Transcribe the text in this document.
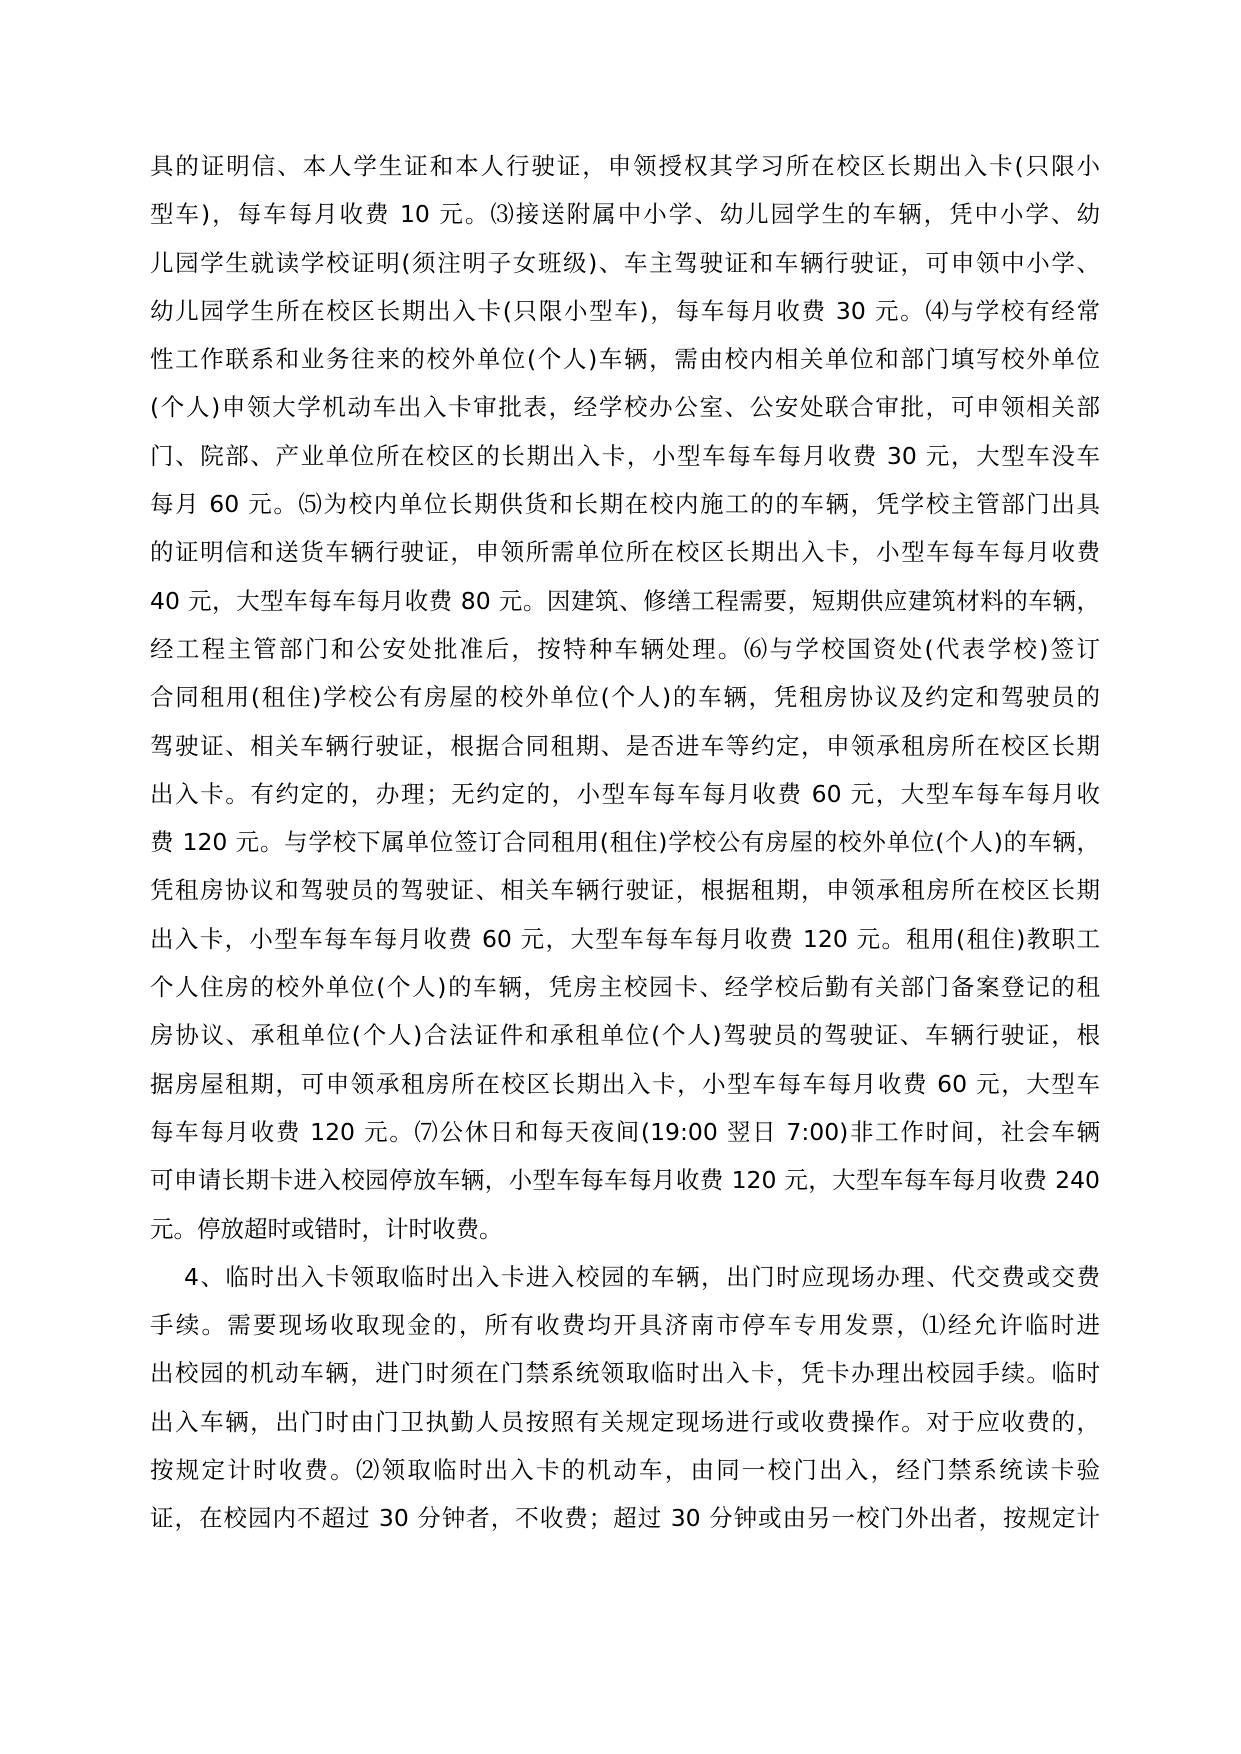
具的证明信、本人学生证和本人行驶证，申领授权其学习所在校区长期出入卡(只限小
型车)，每车每月收费 10 元。⑶接送附属中小学、幼儿园学生的车辆，凭中小学、幼
儿园学生就读学校证明(须注明子女班级)、车主驾驶证和车辆行驶证，可申领中小学、
幼儿园学生所在校区长期出入卡(只限小型车)，每车每月收费 30 元。⑷与学校有经常
性工作联系和业务往来的校外单位(个人)车辆，需由校内相关单位和部门填写校外单位
(个人)申领大学机动车出入卡审批表，经学校办公室、公安处联合审批，可申领相关部
门、院部、产业单位所在校区的长期出入卡，小型车每车每月收费 30 元，大型车没车
每月 60 元。⑸为校内单位长期供货和长期在校内施工的的车辆，凭学校主管部门出具
的证明信和送货车辆行驶证，申领所需单位所在校区长期出入卡，小型车每车每月收费
40 元，大型车每车每月收费 80 元。因建筑、修缮工程需要，短期供应建筑材料的车辆，
经工程主管部门和公安处批准后，按特种车辆处理。⑹与学校国资处(代表学校)签订
合同租用(租住)学校公有房屋的校外单位(个人)的车辆，凭租房协议及约定和驾驶员的
驾驶证、相关车辆行驶证，根据合同租期、是否进车等约定，申领承租房所在校区长期
出入卡。有约定的，办理；无约定的，小型车每车每月收费 60 元，大型车每车每月收
费 120 元。与学校下属单位签订合同租用(租住)学校公有房屋的校外单位(个人)的车辆，
凭租房协议和驾驶员的驾驶证、相关车辆行驶证，根据租期，申领承租房所在校区长期
出入卡，小型车每车每月收费 60 元，大型车每车每月收费 120 元。租用(租住)教职工
个人住房的校外单位(个人)的车辆，凭房主校园卡、经学校后勤有关部门备案登记的租
房协议、承租单位(个人)合法证件和承租单位(个人)驾驶员的驾驶证、车辆行驶证，根
据房屋租期，可申领承租房所在校区长期出入卡，小型车每车每月收费 60 元，大型车
每车每月收费 120 元。⑺公休日和每天夜间(19:00 翌日 7:00)非工作时间，社会车辆
可申请长期卡进入校园停放车辆，小型车每车每月收费 120 元，大型车每车每月收费 240
元。停放超时或错时，计时收费。
4、临时出入卡领取临时出入卡进入校园的车辆，出门时应现场办理、代交费或交费
手续。需要现场收取现金的，所有收费均开具济南市停车专用发票，⑴经允许临时进
出校园的机动车辆，进门时须在门禁系统领取临时出入卡，凭卡办理出校园手续。临时
出入车辆，出门时由门卫执勤人员按照有关规定现场进行或收费操作。对于应收费的，
按规定计时收费。⑵领取临时出入卡的机动车，由同一校门出入，经门禁系统读卡验
证，在校园内不超过 30 分钟者，不收费；超过 30 分钟或由另一校门外出者，按规定计
